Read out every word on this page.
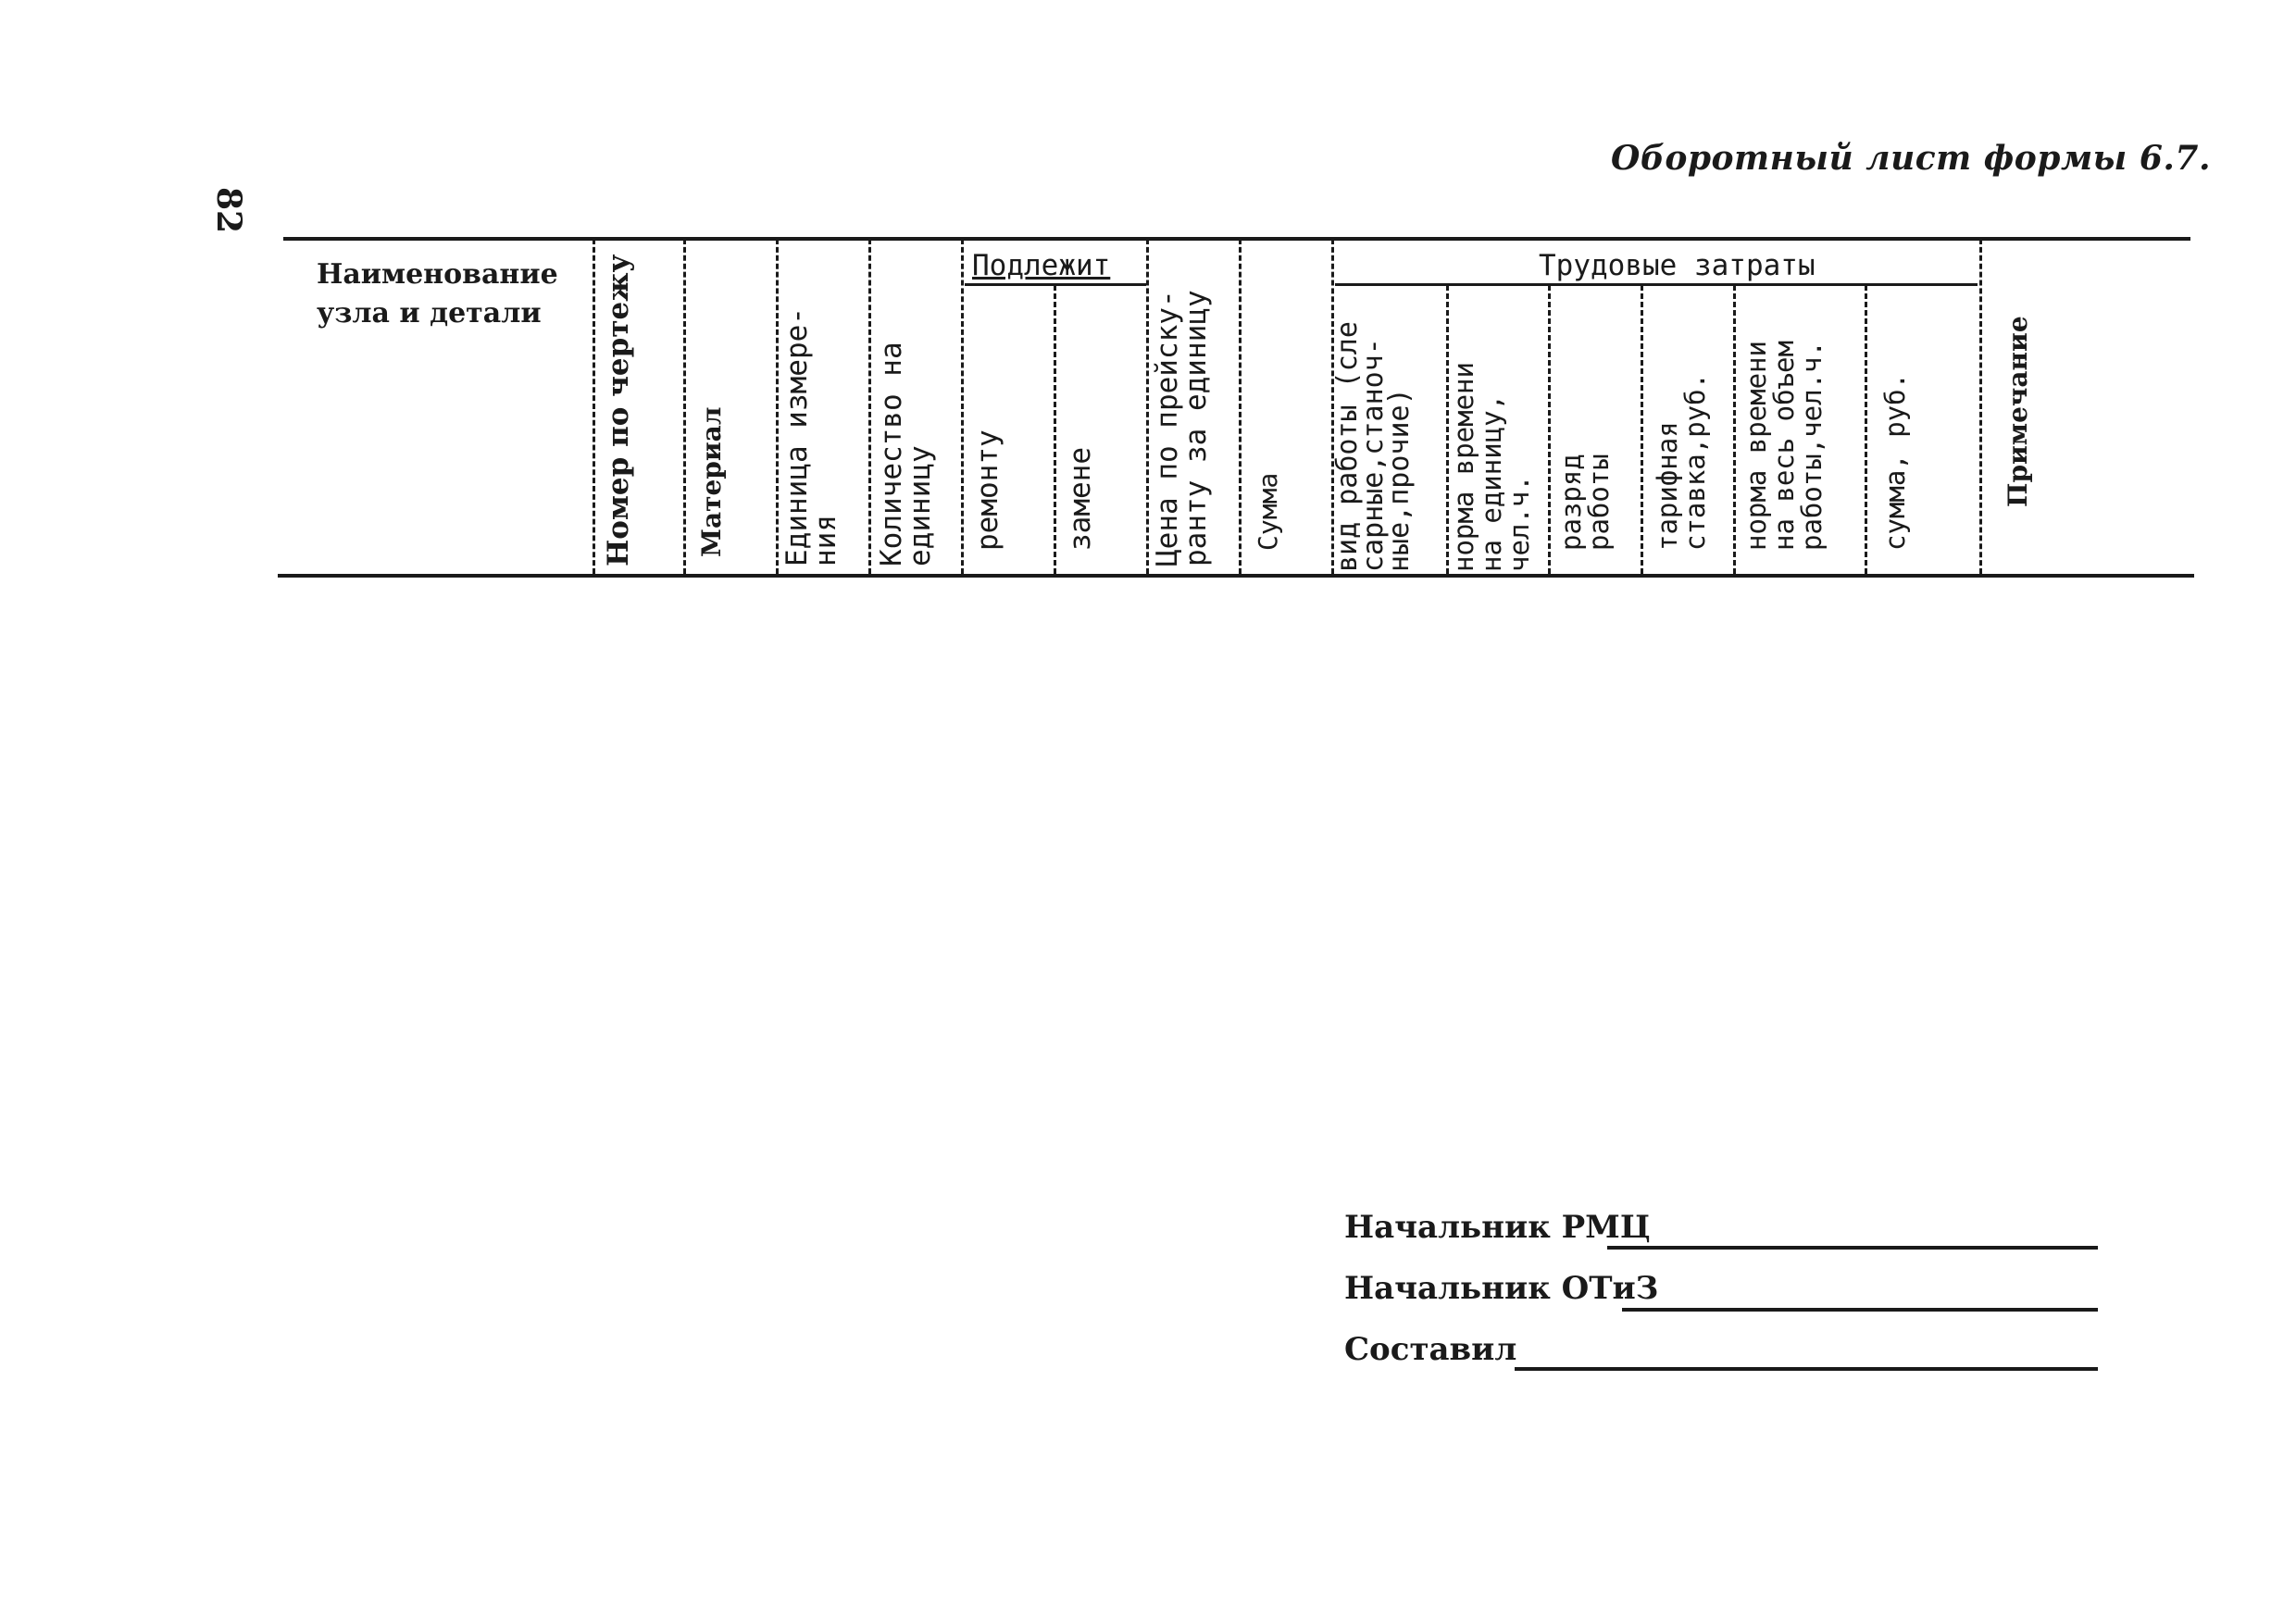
82
Оборотный лист формы 6.7.
Наименование
узла и детали
Подлежит	Трудовые затраты
Номер по чертежу Материал Единица измере-
ния Количество на
единицу ремонту замене Цена по прейску-
ранту за единицу
Сумма вид работы (сле
сарные,станоч-
ные,прочие) норма времени
на единицу,
чел.ч. разряд
работы тарифная
ставка,руб. норма времени
на весь объем
работы,чел.ч. сумма, руб.	Примечание
Начальник РМЦ
Начальник ОТиЗ
Составил
